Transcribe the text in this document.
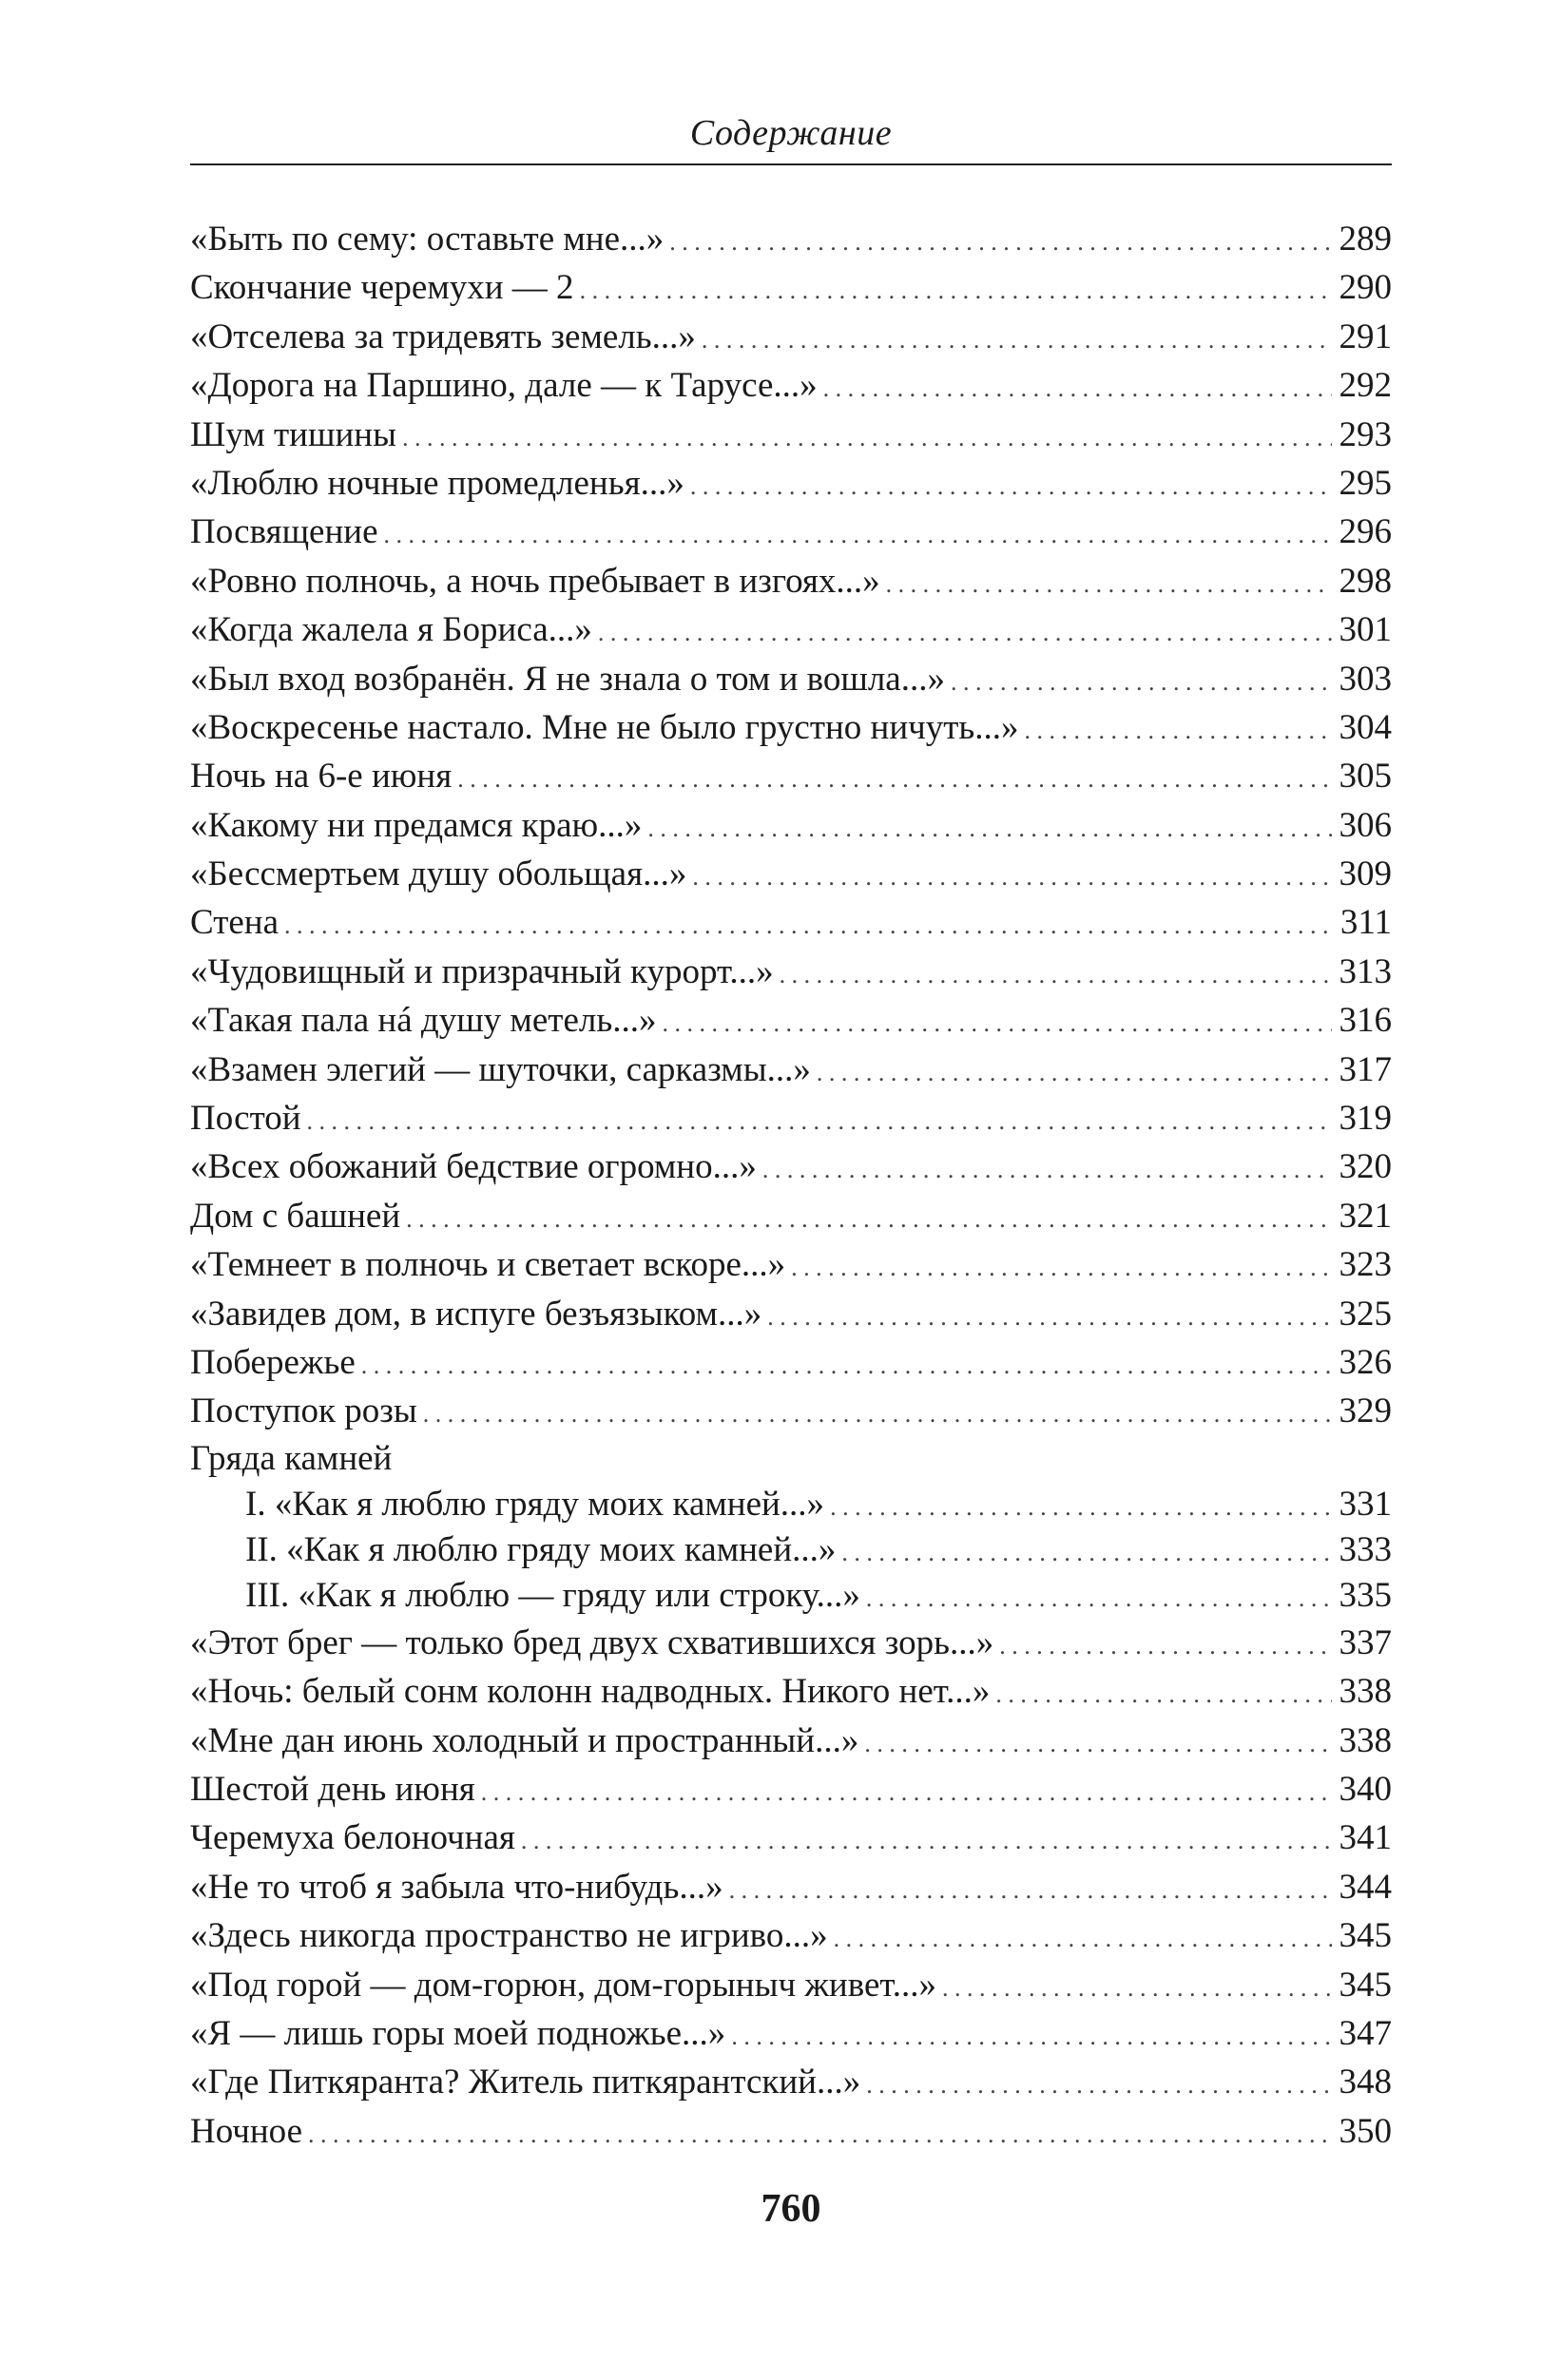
Содержание
«Быть по сему: оставьте мне...» . . .	289
Скончание черемухи — 2 . . .	290
«Отселева за тридевять земель...» . . .	291
«Дорога на Паршино, дале — к Тарусе...» . . .	292
Шум тишины . . .	293
«Люблю ночные промедленья...» . . .	295
Посвящение . . .	296
«Ровно полночь, а ночь пребывает в изгоях...» . . .	298
«Когда жалела я Бориса...» . . .	301
«Был вход возбранён. Я не знала о том и вошла...» . . .	303
«Воскресенье настало. Мне не было грустно ничуть...» . . .	304
Ночь на 6-е июня . . .	305
«Какому ни предамся краю...» . . .	306
«Бессмертьем душу обольщая...» . . .	309
Стена . . .	311
«Чудовищный и призрачный курорт...» . . .	313
«Такая пала нá душу метель...» . . .	316
«Взамен элегий — шуточки, сарказмы...» . . .	317
Постой . . .	319
«Всех обожаний бедствие огромно...» . . .	320
Дом с башней . . .	321
«Темнеет в полночь и светает вскоре...» . . .	323
«Завидев дом, в испуге безъязыком...» . . .	325
Побережье . . .	326
Поступок розы . . .	329
Гряда камней
I. «Как я люблю гряду моих камней...» . . .	331
II. «Как я люблю гряду моих камней...» . . .	333
III. «Как я люблю — гряду или строку...» . . .	335
«Этот брег — только бред двух схватившихся зорь...» . . .	337
«Ночь: белый сонм колонн надводных. Никого нет...» . . .	338
«Мне дан июнь холодный и пространный...» . . .	338
Шестой день июня . . .	340
Черемуха белоночная . . .	341
«Не то чтоб я забыла что-нибудь...» . . .	344
«Здесь никогда пространство не игриво...» . . .	345
«Под горой — дом-горюн, дом-горыныч живет...» . . .	345
«Я — лишь горы моей подножье...» . . .	347
«Где Питкяранта? Житель питкярантский...» . . .	348
Ночное . . .	350
760
